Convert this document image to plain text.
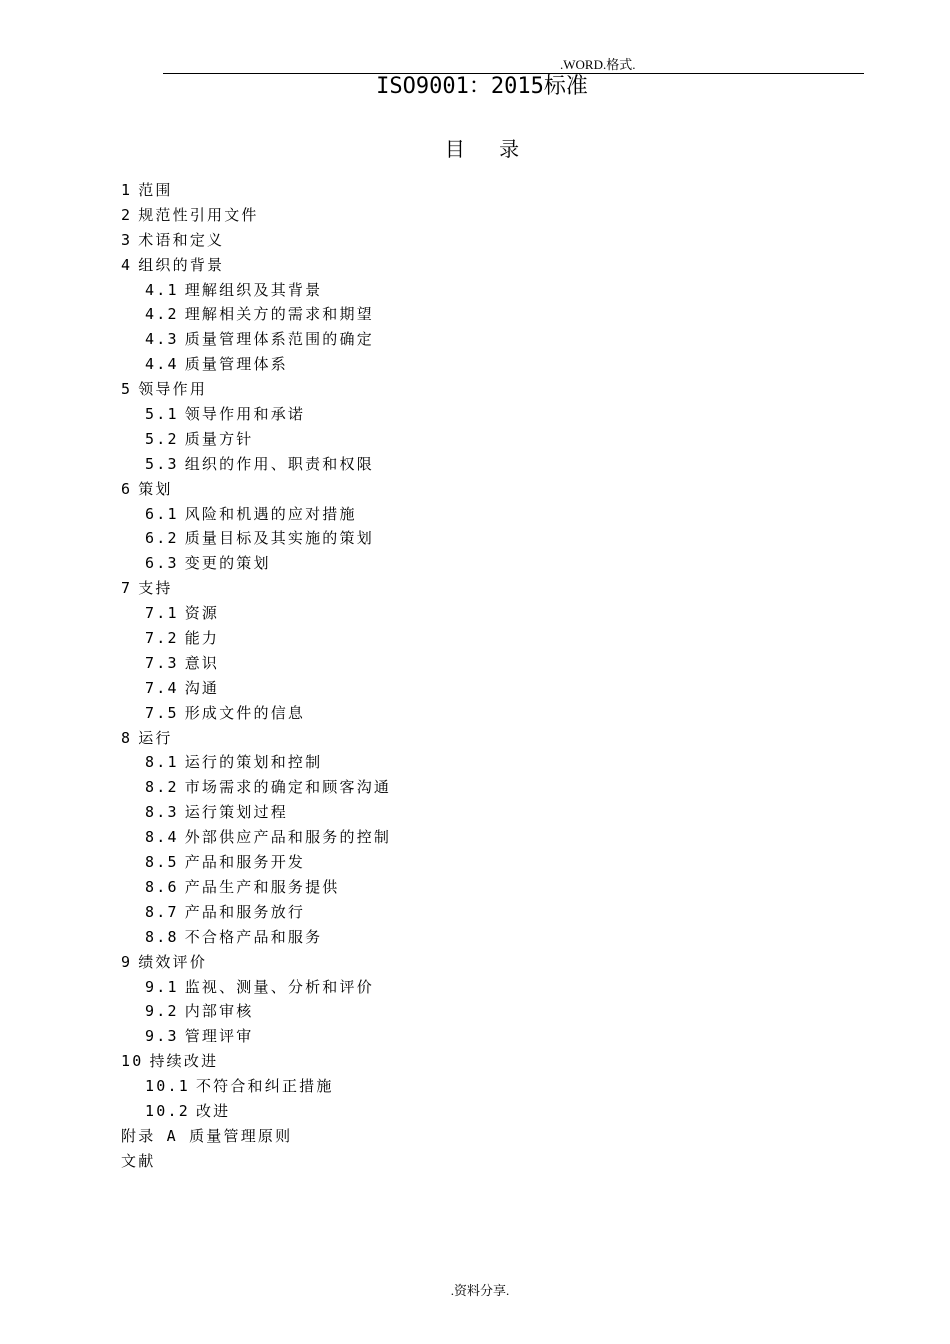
.WORD.格式.
ISO9001：2015标准
目 录
1 范围
2 规范性引用文件
3 术语和定义
4 组织的背景
4.1 理解组织及其背景
4.2 理解相关方的需求和期望
4.3 质量管理体系范围的确定
4.4 质量管理体系
5 领导作用
5.1 领导作用和承诺
5.2 质量方针
5.3 组织的作用、职责和权限
6 策划
6.1 风险和机遇的应对措施
6.2 质量目标及其实施的策划
6.3 变更的策划
7 支持
7.1 资源
7.2 能力
7.3 意识
7.4 沟通
7.5 形成文件的信息
8 运行
8.1 运行的策划和控制
8.2 市场需求的确定和顾客沟通
8.3 运行策划过程
8.4 外部供应产品和服务的控制
8.5 产品和服务开发
8.6 产品生产和服务提供
8.7 产品和服务放行
8.8 不合格产品和服务
9 绩效评价
9.1 监视、测量、分析和评价
9.2 内部审核
9.3 管理评审
10 持续改进
10.1 不符合和纠正措施
10.2 改进
附录 A 质量管理原则
文献
.资料分享.
